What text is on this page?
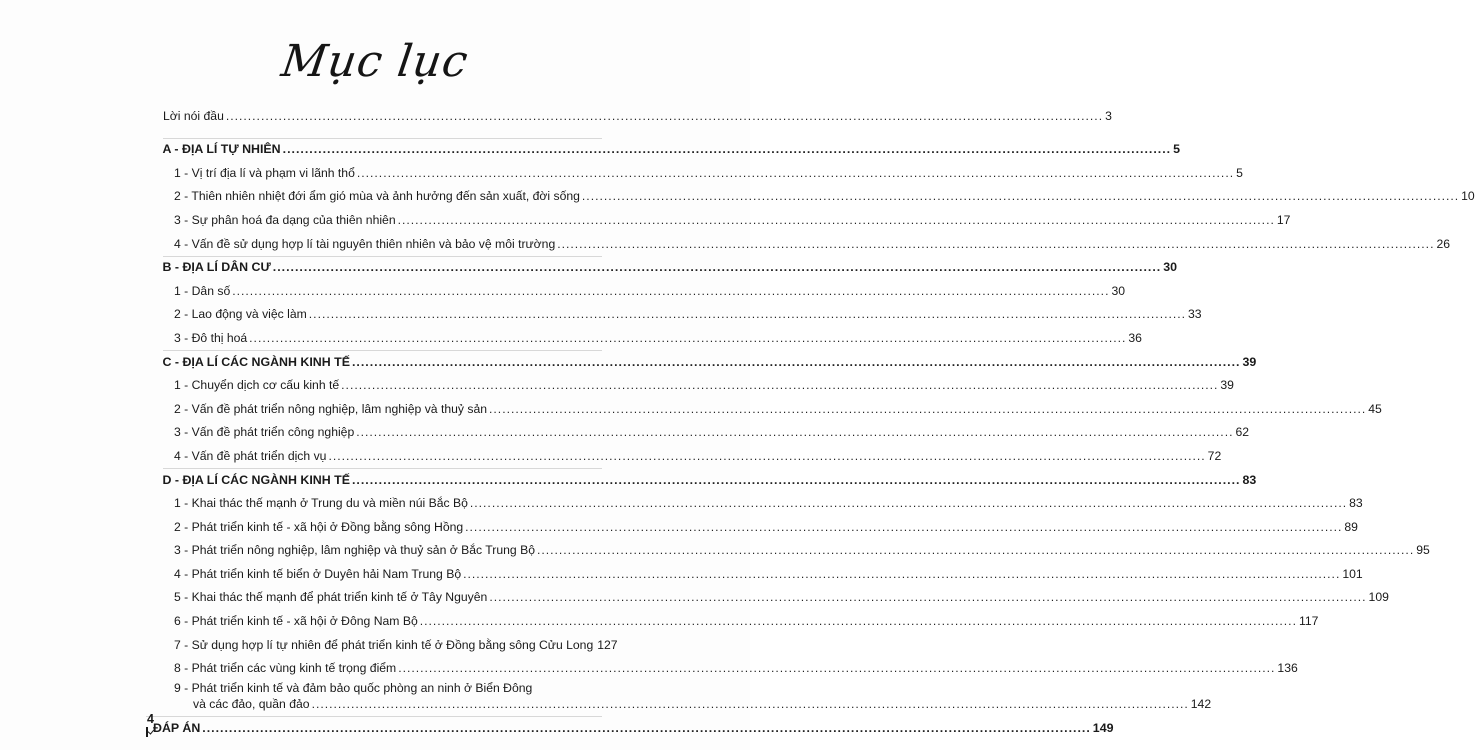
Mục lục
Lời nói đầu .....	3
A - ĐỊA LÍ TỰ NHIÊN .....	5
1 - Vị trí địa lí và phạm vi lãnh thổ .....	5
2 - Thiên nhiên nhiệt đới ẩm gió mùa và ảnh hưởng đến sản xuất, đời sống .....	10
3 - Sự phân hoá đa dạng của thiên nhiên .....	17
4 - Vấn đề sử dụng hợp lí tài nguyên thiên nhiên và bảo vệ môi trường .....	26
B - ĐỊA LÍ DÂN CƯ .....	30
1 - Dân số .....	30
2 - Lao động và việc làm .....	33
3 - Đô thị hoá .....	36
C - ĐỊA LÍ CÁC NGÀNH KINH TẾ .....	39
1 - Chuyển dịch cơ cấu kinh tế .....	39
2 - Vấn đề phát triển nông nghiệp, lâm nghiệp và thuỷ sản .....	45
3 - Vấn đề phát triển công nghiệp .....	62
4 - Vấn đề phát triển dịch vụ .....	72
D - ĐỊA LÍ CÁC NGÀNH KINH TẾ .....	83
1 - Khai thác thế mạnh ở Trung du và miền núi Bắc Bộ .....	83
2 - Phát triển kinh tế - xã hội ở Đồng bằng sông Hồng .....	89
3 - Phát triển nông nghiệp, lâm nghiệp và thuỷ sản ở Bắc Trung Bộ .....	95
4 - Phát triển kinh tế biển ở Duyên hải Nam Trung Bộ .....	101
5 - Khai thác thế mạnh để phát triển kinh tế ở Tây Nguyên .....	109
6 - Phát triển kinh tế - xã hội ở Đông Nam Bộ .....	117
7 - Sử dụng hợp lí tự nhiên để phát triển kinh tế ở Đồng bằng sông Cửu Long 127
8 - Phát triển các vùng kinh tế trọng điểm .....	136
9 - Phát triển kinh tế và đảm bảo quốc phòng an ninh ở Biển Đông
và các đảo, quần đảo .....	142
ĐÁP ÁN .....	149
4
